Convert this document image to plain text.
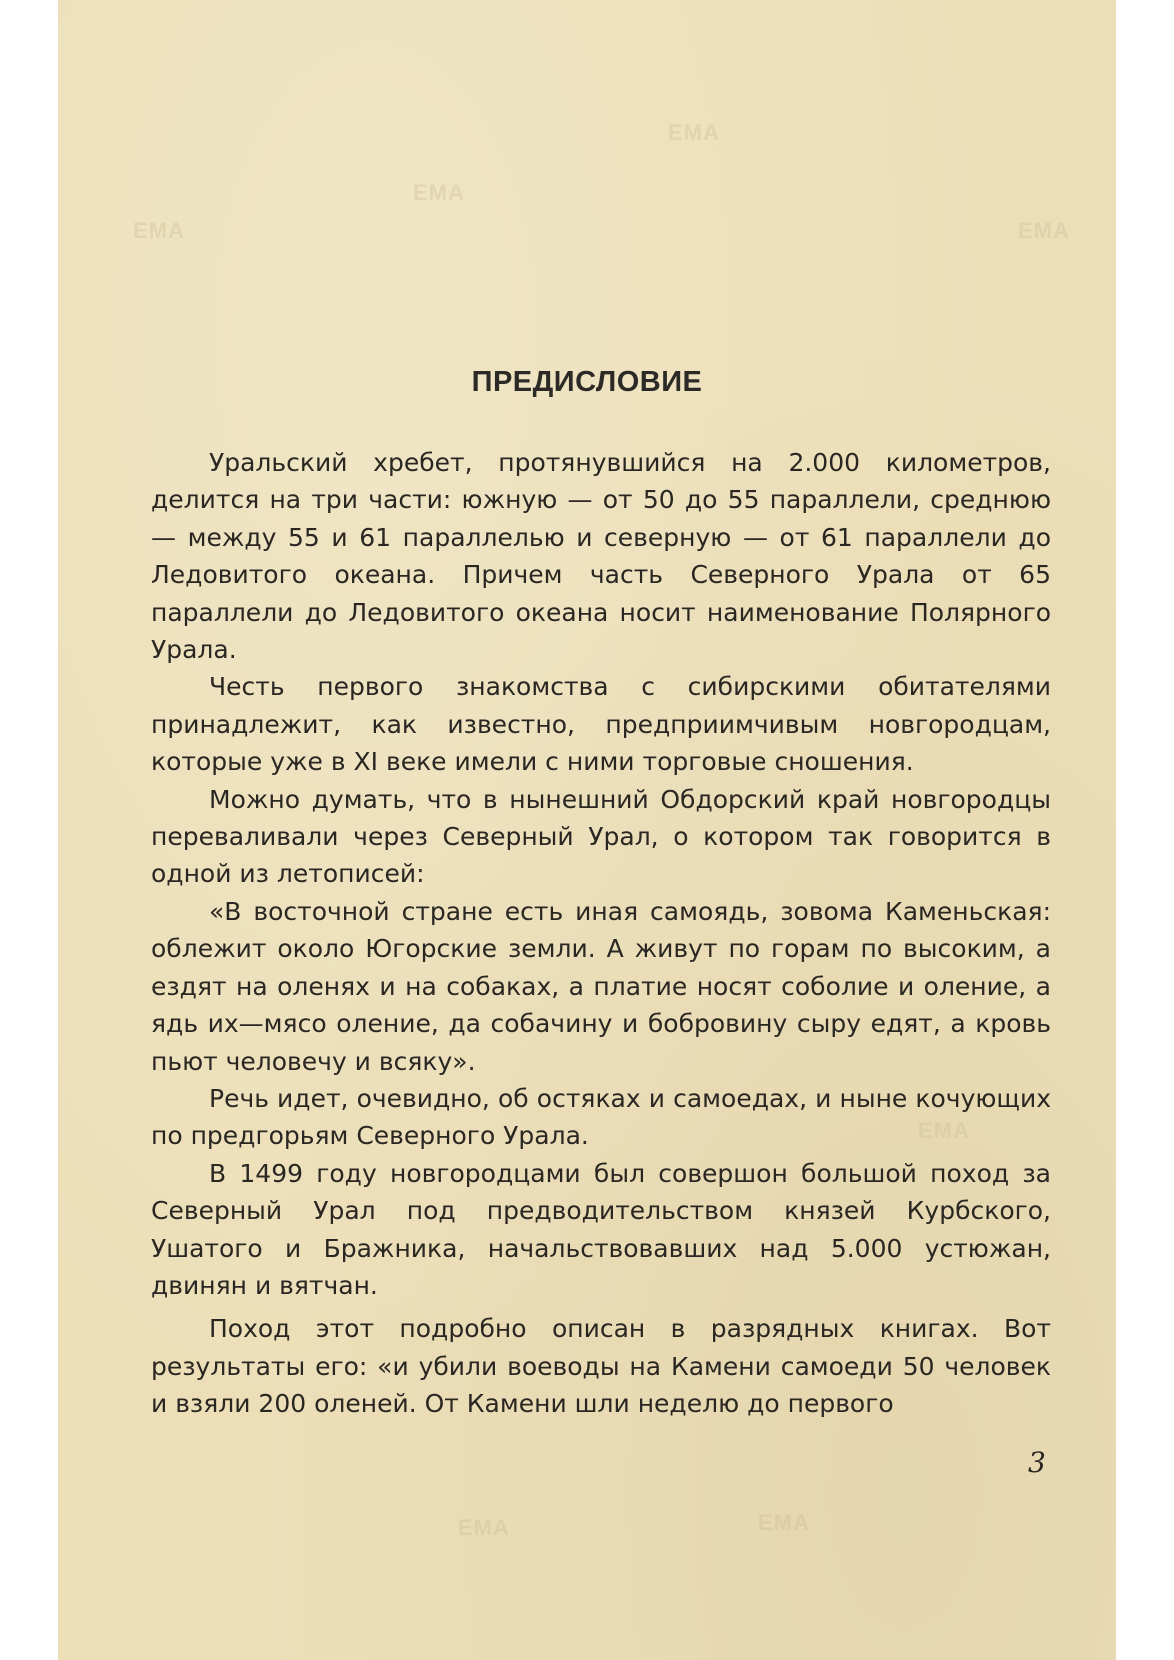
EMA
EMA
EMA	EMA
EMA
EMA
EMA
ПРЕДИСЛОВИЕ

Уральский хребет, протянувшийся на 2.000 километров, делится на три части: южную — от 50 до 55 параллели, среднюю — между 55 и 61 параллелью и северную — от 61 параллели до Ледовитого океана. Причем часть Северного Урала от 65 параллели до Ледовитого океана носит наименование Полярного Урала.

Честь первого знакомства с сибирскими обитателями принадлежит, как известно, предприимчивым новгородцам, которые уже в XI веке имели с ними торговые сношения.

Можно думать, что в нынешний Обдорский край новгородцы переваливали через Северный Урал, о котором так говорится в одной из летописей:

«В восточной стране есть иная самоядь, зовома Каменьская: облежит около Югорские земли. А живут по горам по высоким, а ездят на оленях и на собаках, а платие носят соболие и оление, а ядь их—мясо оление, да собачину и бобровину сыру едят, а кровь пьют человечу и всяку».

Речь идет, очевидно, об остяках и самоедах, и ныне кочующих по предгорьям Северного Урала.

В 1499 году новгородцами был совершон большой поход за Северный Урал под предводительством князей Курбского, Ушатого и Бражника, начальствовавших над 5.000 устюжан, двинян и вятчан.

Поход этот подробно описан в разрядных книгах. Вот результаты его: «и убили воеводы на Камени самоеди 50 человек и взяли 200 оленей. От Камени шли неделю до первого

3
